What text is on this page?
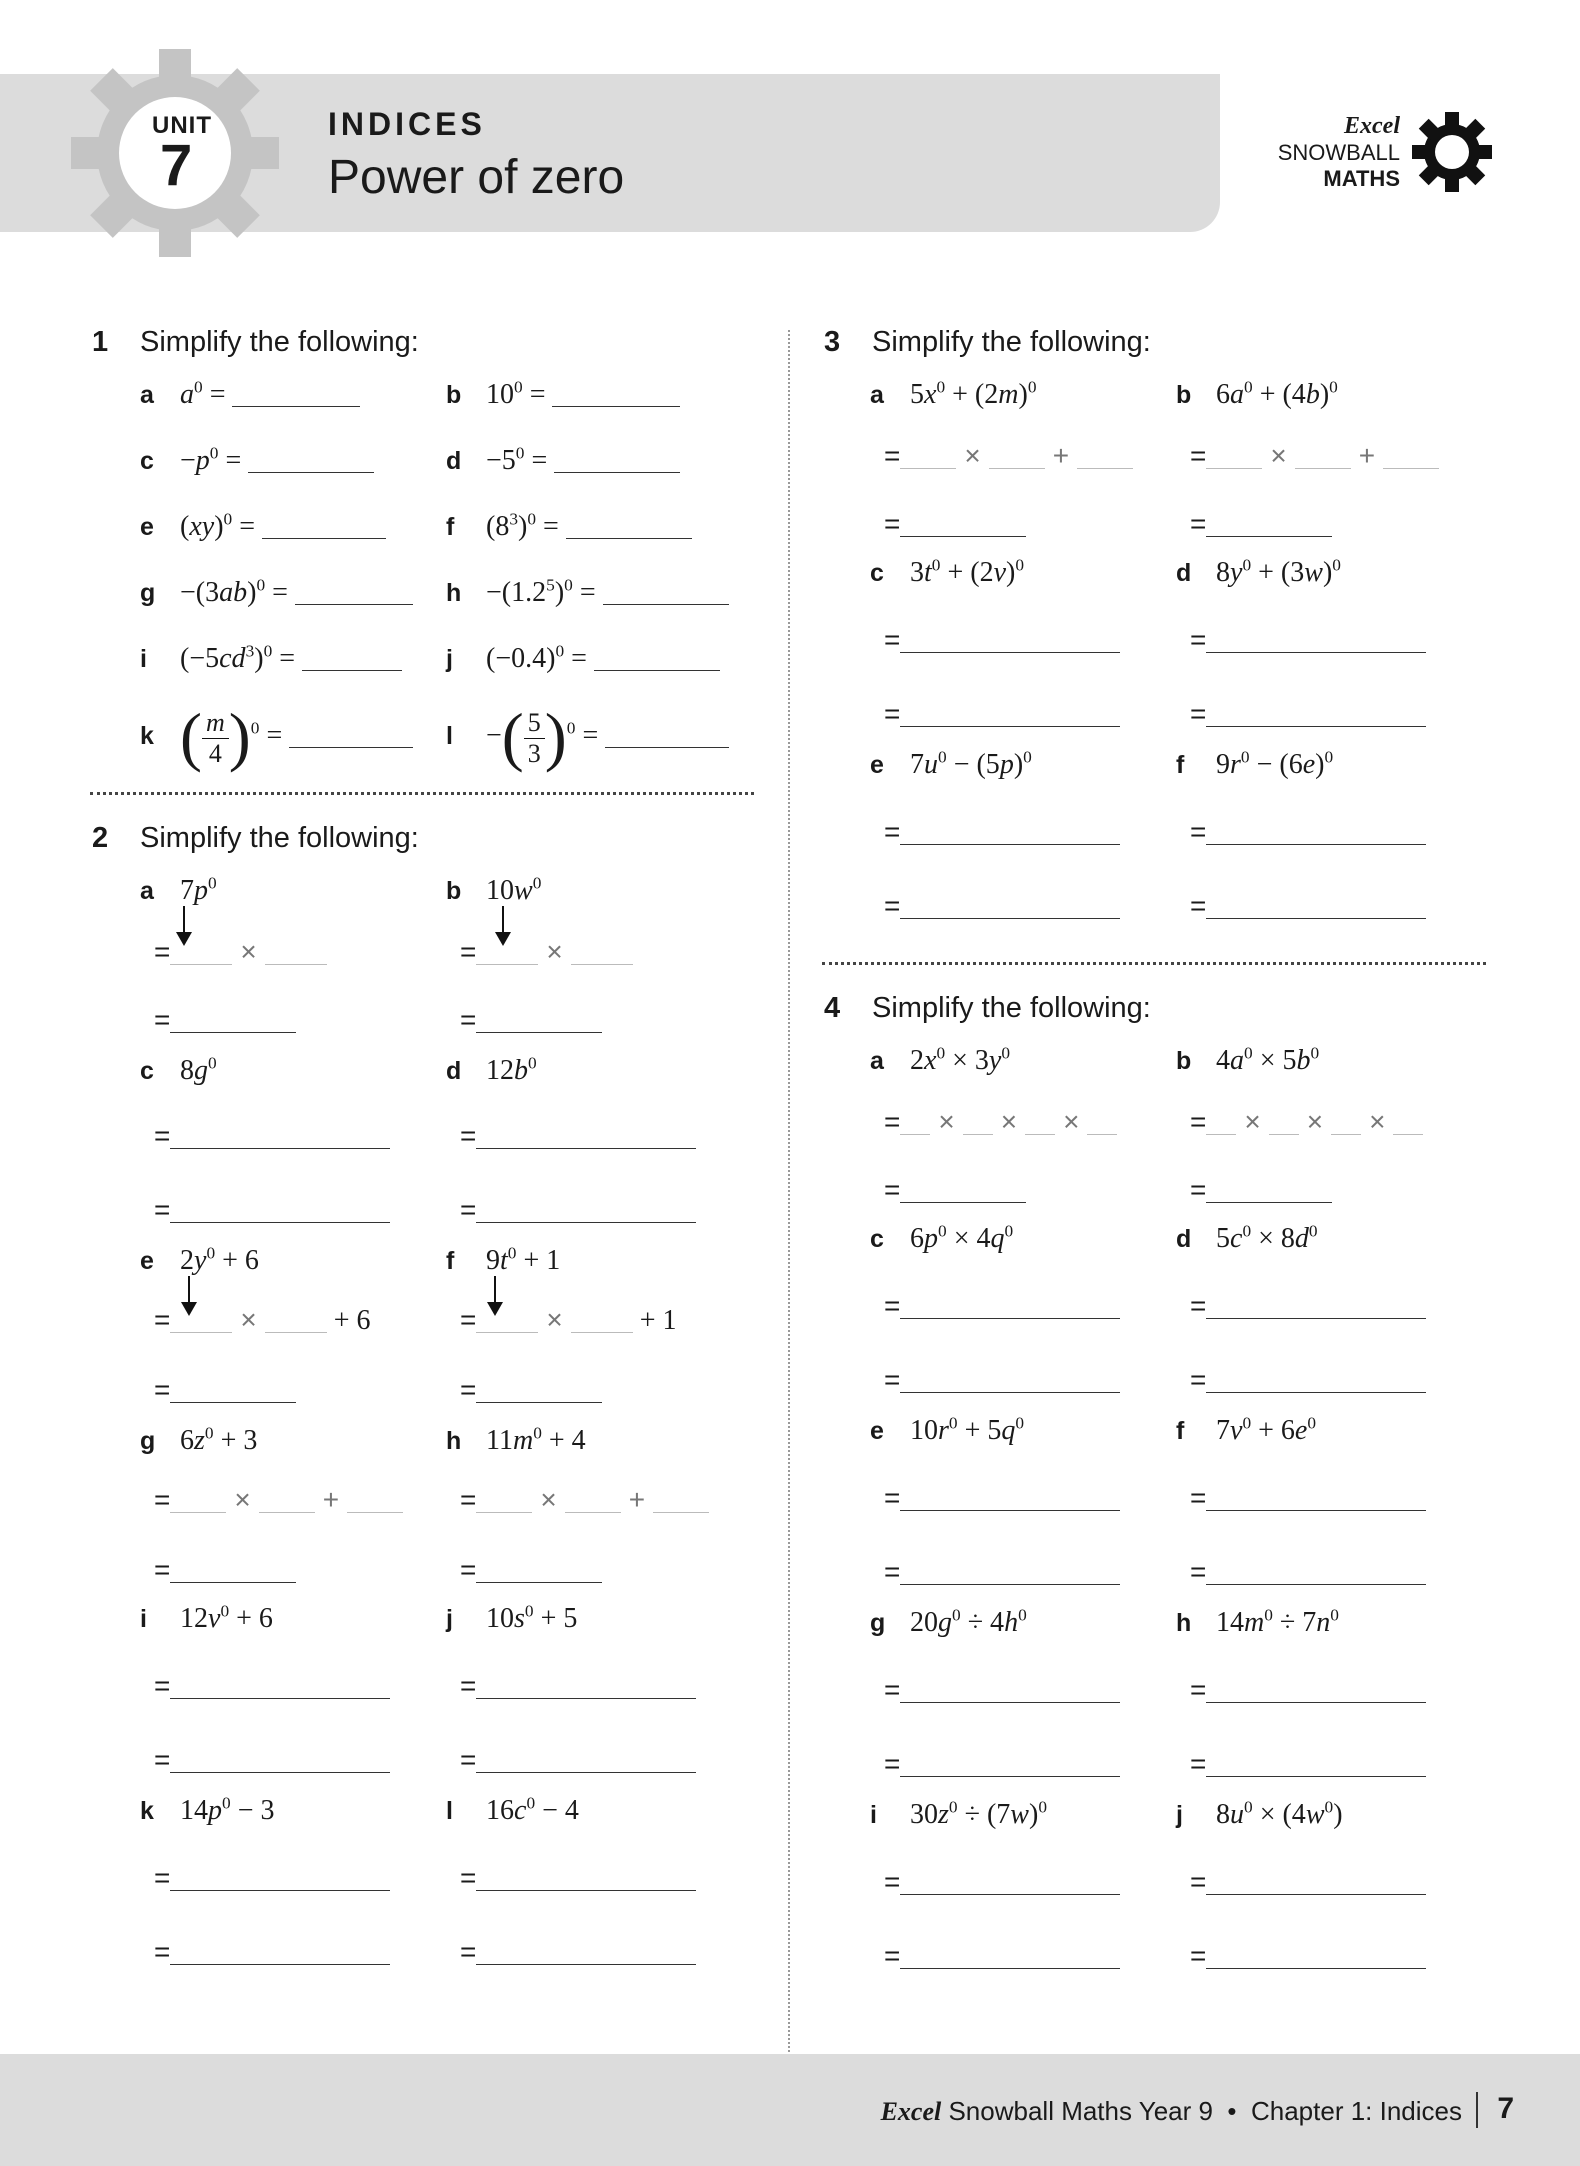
UNIT
7
INDICES
Power of zero
Excel
SNOWBALL
MATHS
1 Simplify the following:
a $a^0$ =	b $10^0$ =
$c -p^0$ =	$d -5^0$ =
e (xy)$^0$ =	f $(8^3)^0$ =
$g -(3ab)^0$ =	$h -(1.2^5)^0$ =
i $(-5cd^3)^0$ =	j $(-0.4)^0$ =
k ( $\frac{m}{4} )^0$ =	l −( $\frac{5}{3} )^0$ =
2 Simplify the following:
a $7p^0$
=	×
=
b $10w^0$
=	×
=
c $8g^0$
=
=
d $12b^0$
=
=
e $2y^0 + 6$
=	×	+ 6
=
f $9t^0 + 1$
=	×	+ 1
=
g $6z^0 + 3$
= ×	+
=
h $11m^0 + 4$
= ×	+
=
i $12v^0 + 6$
=
=
j $10s^0 + 5$
=
=
k $14p^0 - 3$
=
=
l $16c^0 - 4$
=
=
3 Simplify the following:
a $5x^0 + (2m)^0$
= ×	+
=
b $6a^0 + (4b)^0$
= ×	+
=
c $3t^0 + (2v)^0$
=
=
d $8y^0 + (3w)^0$
=
=
e $7u^0 - (5p)^0$
=
=
f $9r^0 - (6e)^0$
=
=
4 Simplify the following:
a $2x^0 \times 3y^0$
= × × ×
=
b $4a^0 \times 5b^0$
= × × ×
=
c $6p^0 \times 4q^0$
=
=
d $5c^0 \times 8d^0$
=
=
e $10r^0 + 5q^0$
=
=
f $7v^0 + 6e^0$
=
=
g $20g^0 \div 4h^0$
=
=
h $14m^0 \div 7n^0$
=
=
i $30z^0 \div (7w)^0$
=
=
j $8u^0 \times (4w^0)$
=
=
Excel Snowball Maths Year 9 • Chapter 1: Indices 7
